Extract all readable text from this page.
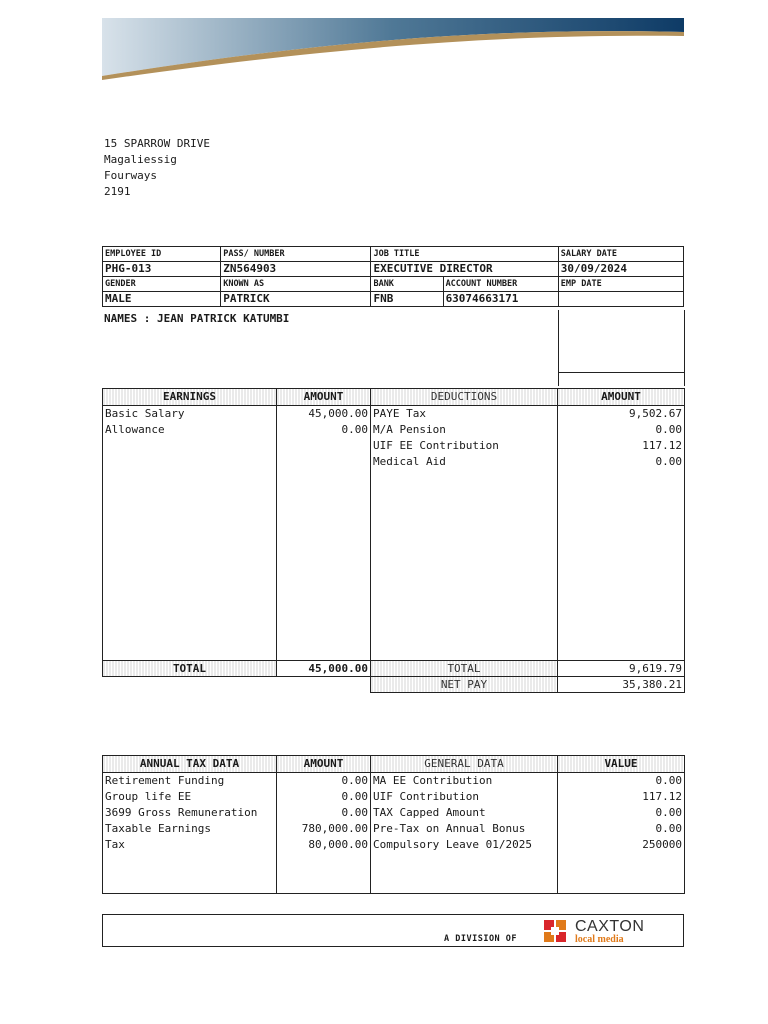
15 SPARROW DRIVE
Magaliessig
Fourways
2191
EMPLOYEE ID	PASS/ NUMBER	JOB TITLE		SALARY DATE
PHG-013	ZN564903	EXECUTIVE DIRECTOR		30/09/2024
GENDER	KNOWN AS	BANK	ACCOUNT NUMBER	EMP DATE
MALE	PATRICK	FNB	63074663171	
NAMES : JEAN PATRICK KATUMBI
EARNINGS	AMOUNT	DEDUCTIONS	AMOUNT
Basic Salary	45,000.00	PAYE Tax	9,502.67
Allowance	0.00	M/A Pension	0.00
		UIF EE Contribution	117.12
		Medical Aid	0.00

TOTAL	45,000.00	TOTAL	9,619.79
		NET PAY	35,380.21
ANNUAL TAX DATA	AMOUNT	GENERAL DATA	VALUE
Retirement Funding	0.00	MA EE Contribution	0.00
Group life EE	0.00	UIF Contribution	117.12
3699 Gross Remuneration	0.00	TAX Capped Amount	0.00
Taxable Earnings	780,000.00	Pre-Tax on Annual Bonus	0.00
Tax	80,000.00	Compulsory Leave 01/2025	250000

A DIVISION OF
CAXTON
local media
